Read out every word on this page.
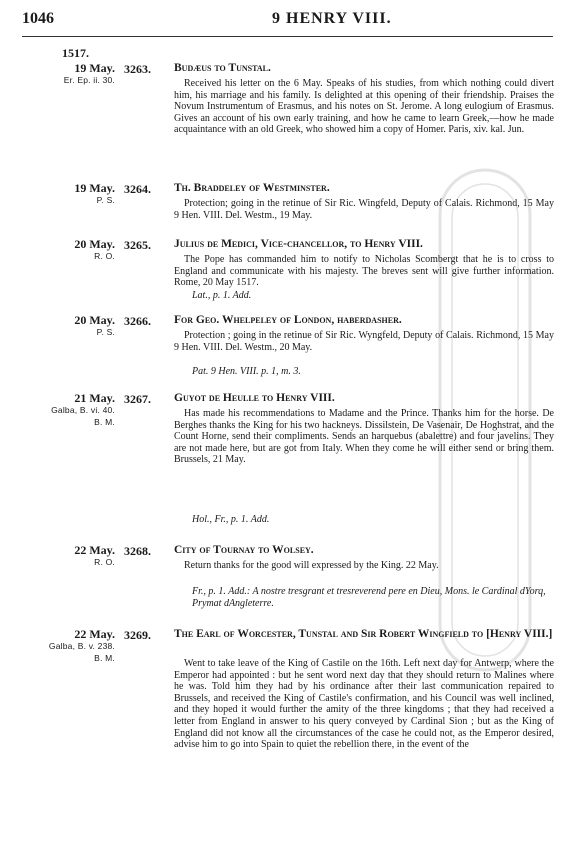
1046	9 HENRY VIII.
1517.
19 May.
Er. Ep. ii. 30.
3263.	Budæus to Tunstal.

Received his letter on the 6 May. Speaks of his studies, from which nothing could divert him, his marriage and his family. Is delighted at this opening of their friendship. Praises the Novum Instrumentum of Erasmus, and his notes on St. Jerome. A long eulogium of Erasmus. Gives an account of his own early training, and how he came to learn Greek,—how he made acquaintance with an old Greek, who showed him a copy of Homer. Paris, xiv. kal. Jun.

19 May.
P. S.
3264.	Th. Braddeley of Westminster.

Protection; going in the retinue of Sir Ric. Wingfeld, Deputy of Calais. Richmond, 15 May 9 Hen. VIII. Del. Westm., 19 May.

20 May.
R. O.
3265.	Julius de Medici, Vice-chancellor, to Henry VIII.

The Pope has commanded him to notify to Nicholas Scombergt that he is to cross to England and communicate with his majesty. The breves sent will give further information. Rome, 20 May 1517.

Lat., p. 1. Add.
20 May.
P. S.
3266.	For Geo. Whelpeley of London, haberdasher.

Protection ; going in the retinue of Sir Ric. Wyngfeld, Deputy of Calais. Richmond, 15 May 9 Hen. VIII. Del. Westm., 20 May.

Pat. 9 Hen. VIII. p. 1, m. 3.
21 May.
Galba, B. vi. 40.
B. M.
3267.	Guyot de Heulle to Henry VIII.

Has made his recommendations to Madame and the Prince. Thanks him for the horse. De Berghes thanks the King for his two hackneys. Dissilstein, De Vasenair, De Hoghstrat, and the Count Horne, send their compliments. Sends an harquebus (abalettre) and four javelins. They are not made here, but are got from Italy. When they come he will either send or bring them. Brussels, 21 May.

Hol., Fr., p. 1. Add.
22 May.
R. O.
3268.	City of Tournay to Wolsey.

Return thanks for the good will expressed by the King. 22 May.

Fr., p. 1. Add.: A nostre tresgrant et tresreverend pere en Dieu, Mons. le Cardinal dYorq, Prymat dAngleterre.
22 May.
Galba, B. v. 238.
B. M.
3269.	The Earl of Worcester, Tunstal and Sir Robert Wingfield to [Henry VIII.]

Went to take leave of the King of Castile on the 16th. Left next day for Antwerp, where the Emperor had appointed : but he sent word next day that they should return to Malines where he was. Told him they had by his ordinance after their last communication repaired to Brussels, and received the King of Castile's confirmation, and his Council was well inclined, and they hoped it would further the amity of the three kingdoms ; that they had received a letter from England in answer to his query conveyed by Cardinal Sion ; but as the King of England did not know all the circumstances of the case he could not, as the Emperor desired, advise him to go into Spain to quiet the rebellion there, in the event of the
